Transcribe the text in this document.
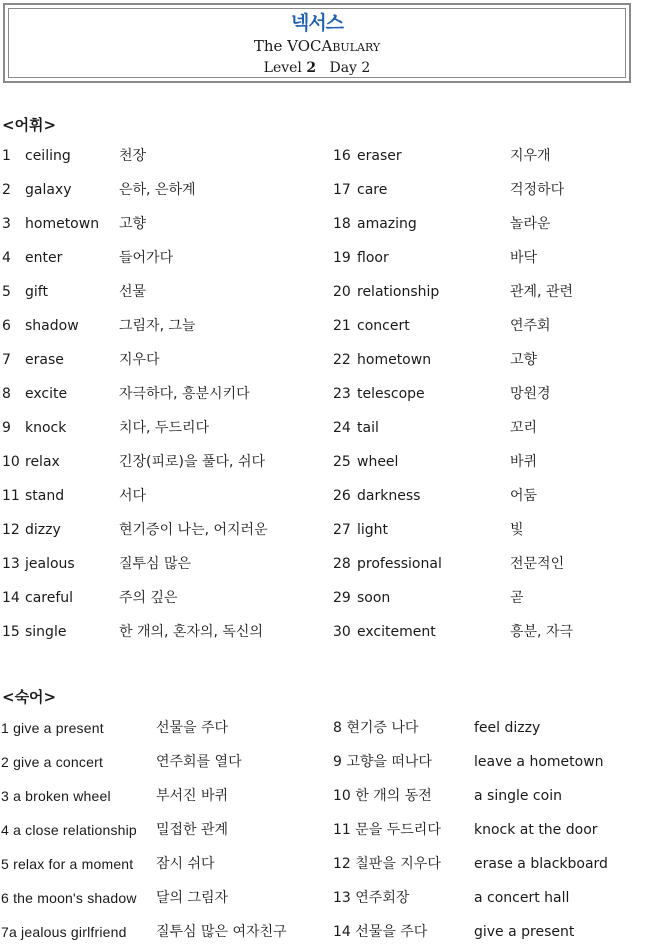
넥서스
The VOCABULARY
Level 2 Day 2
<어휘>
1 ceiling	천장
2 galaxy	은하, 은하계
3 hometown 고향
4 enter	들어가다
5 gift	선물
6 shadow	그림자, 그늘
7 erase	지우다
8 excite	자극하다, 흥분시키다
9 knock	치다, 두드리다
10 relax	긴장(피로)을 풀다, 쉬다
11 stand	서다
12 dizzy	현기증이 나는, 어지러운
13 jealous	질투심 많은
14 careful	주의 깊은
15 single	한 개의, 혼자의, 독신의
16 eraser	지우개
17 care	걱정하다
18 amazing	놀라운
19 floor	바닥
20 relationship	관계, 관련
21 concert	연주회
22 hometown	고향
23 telescope	망원경
24 tail	꼬리
25 wheel	바퀴
26 darkness	어둠
27 light	빛
28 professional	전문적인
29 soon	곧
30 excitement	흥분, 자극
<숙어>
1 give a present	선물을 주다
2 give a concert	연주회를 열다
3 a broken wheel	부서진 바퀴
4 a close relationship 밀접한 관계
5 relax for a moment 잠시 쉬다
6 the moon's shadow 달의 그림자
7a jealous girlfriend 질투심 많은 여자친구
8 현기증 나다	feel dizzy
9 고향을 떠나다	leave a hometown
10 한 개의 동전	a single coin
11 문을 두드리다 knock at the door
12 칠판을 지우다 erase a blackboard
13 연주회장	a concert hall
14 선물을 주다	give a present
